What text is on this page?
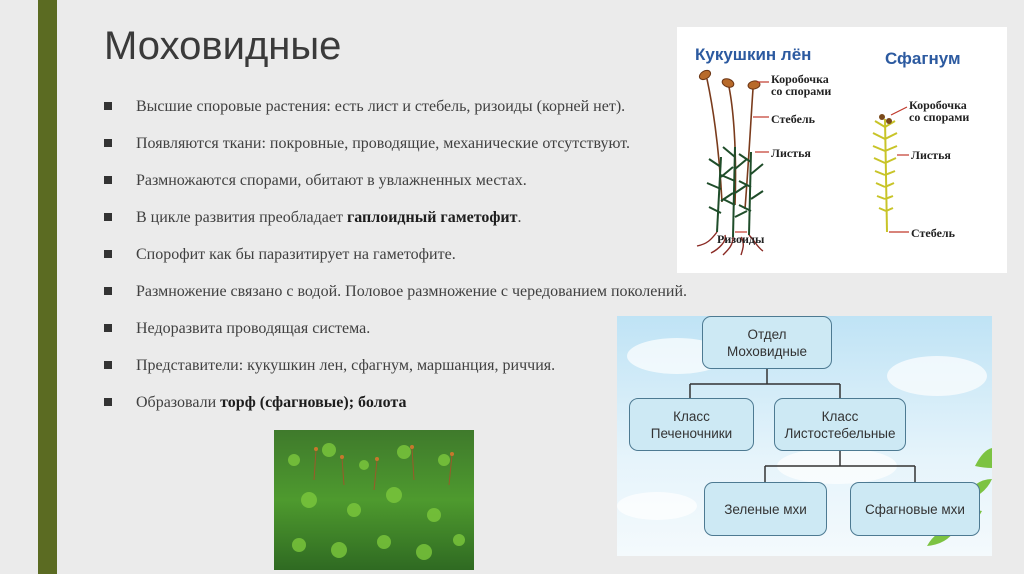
Моховидные
Высшие споровые растения: есть лист и стебель, ризоиды (корней нет).
Появляются ткани: покровные, проводящие, механические отсутствуют.
Размножаются спорами, обитают в увлажненных местах.
В цикле развития преобладает гаплоидный гаметофит.
Спорофит как бы паразитирует на гаметофите.
Размножение связано с водой. Половое размножение с чередованием поколений.
Недоразвита проводящая система.
Представители: кукушкин лен, сфагнум, маршанция, риччия.
Образовали торф (сфагновые); болота
Кукушкин лён	Сфагнум
Коробочка
со спорами
Стебель
Листья
Ризоиды
Коробочка
со спорами
Листья
Стебель
Отдел
Моховидные
Класс
Печеночники
Класс
Листостебельные
Зеленые мхи	Сфагновые мхи
